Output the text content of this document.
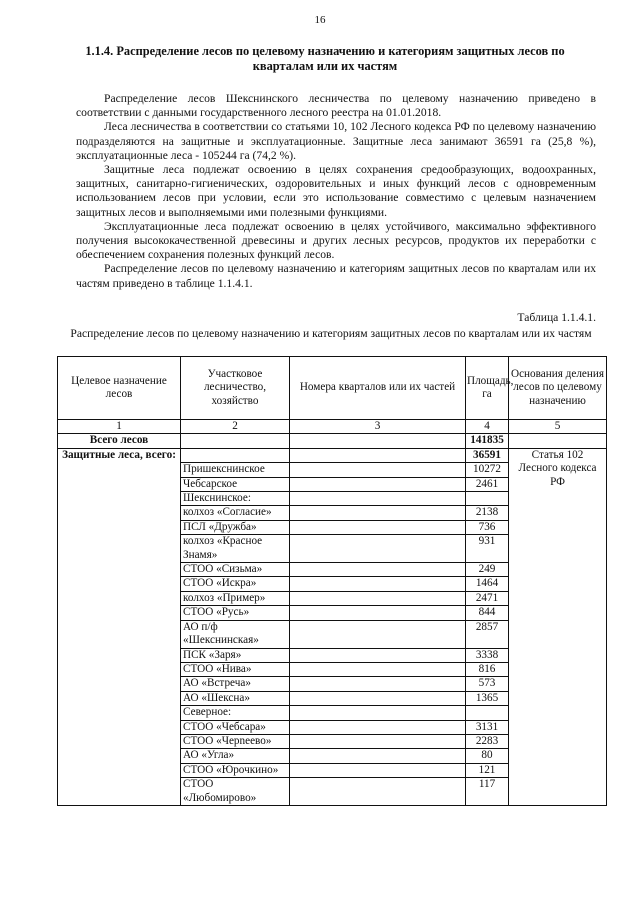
16
1.1.4. Распределение лесов по целевому назначению и категориям защитных лесов по кварталам или их частям

Распределение лесов Шекснинского лесничества по целевому назначению приведено в соответствии с данными государственного лесного реестра на 01.01.2018.

Леса лесничества в соответствии со статьями 10, 102 Лесного кодекса РФ по целевому назначению подразделяются на защитные и эксплуатационные. Защитные леса занимают 36591 га (25,8 %), эксплуатационные леса - 105244 га (74,2 %).

Защитные леса подлежат освоению в целях сохранения средообразующих, водоохранных, защитных, санитарно-гигиенических, оздоровительных и иных функций лесов с одновременным использованием лесов при условии, если это использование совместимо с целевым назначением защитных лесов и выполняемыми ими полезными функциями.

Эксплуатационные леса подлежат освоению в целях устойчивого, максимально эффективного получения высококачественной древесины и других лесных ресурсов, продуктов их переработки с обеспечением сохранения полезных функций лесов.

Распределение лесов по целевому назначению и категориям защитных лесов по кварталам или их частям приведено в таблице 1.1.4.1.

Таблица 1.1.4.1.
Распределение лесов по целевому назначению и категориям защитных лесов по кварталам или их частям
Целевое назначение лесов	Участковое лесничество, хозяйство	Номера кварталов или их частей	Площадь, га	Основания деления лесов по целевому назначению
1	2	3	4	5
Всего лесов			141835	
Защитные леса, всего:			36591	Статья 102 Лесного кодекса РФ
	Пришекснинское		10272	
	Чебсарское		2461	
	Шекснинское:			
	колхоз «Согласие»		2138	
	ПСЛ «Дружба»		736	
	колхоз «Красное Знамя»		931	
	СТОО «Сизьма»		249	
	СТОО «Искра»		1464	
	колхоз «Пример»		2471	
	СТОО «Русь»		844	
	АО п/ф «Шекснинская»		2857	
	ПСК «Заря»		3338	
	СТОО «Нива»		816	
	АО «Встреча»		573	
	АО «Шексна»		1365	
	Северное:			
	СТОО «Чебсара»		3131	
	СТОО «Черneево»		2283	
	АО «Угла»		80	
	СТОО «Юрочкино»		121	
	СТОО «Любомирово»		117	
